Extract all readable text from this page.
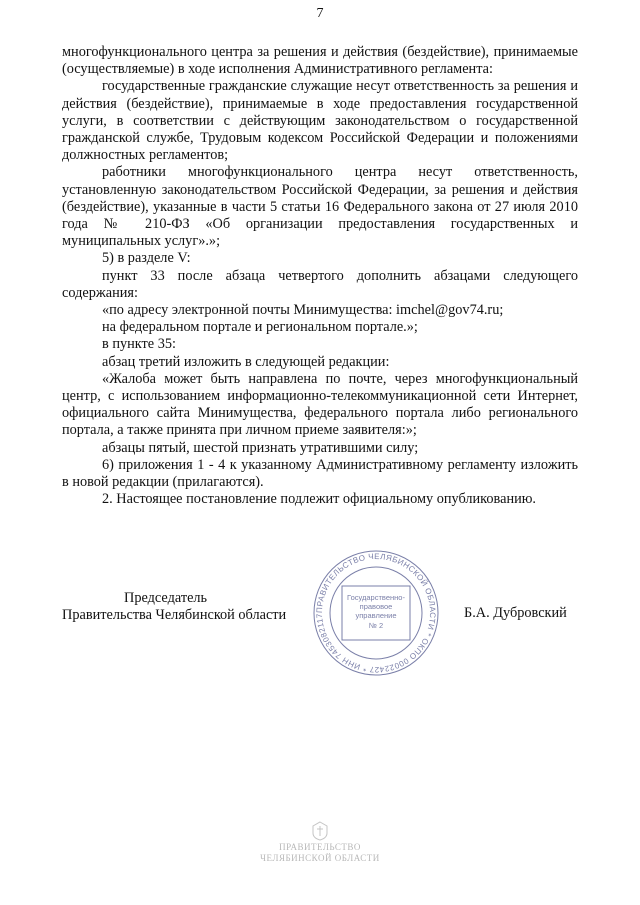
7

многофункционального центра за решения и действия (бездействие), принимаемые (осуществляемые) в ходе исполнения Административного регламента:

государственные гражданские служащие несут ответственность за решения и действия (бездействие), принимаемые в ходе предоставления государственной услуги, в соответствии с действующим законодательством о государственной гражданской службе, Трудовым кодексом Российской Федерации и положениями должностных регламентов;

работники многофункционального центра несут ответственность, установленную законодательством Российской Федерации, за решения и действия (бездействие), указанные в части 5 статьи 16 Федерального закона от 27 июля 2010 года № 210-ФЗ «Об организации предоставления государственных и муниципальных услуг».»;

5) в разделе V:

пункт 33 после абзаца четвертого дополнить абзацами следующего содержания:

«по адресу электронной почты Минимущества: imchel@gov74.ru;

на федеральном портале и региональном портале.»;

в пункте 35:

абзац третий изложить в следующей редакции:

«Жалоба может быть направлена по почте, через многофункциональный центр, с использованием информационно-телекоммуникационной сети Интернет, официального сайта Минимущества, федерального портала либо регионального портала, а также принята при личном приеме заявителя:»;

абзацы пятый, шестой признать утратившими силу;

6) приложения 1 - 4 к указанному Административному регламенту изложить в новой редакции (прилагаются).

2. Настоящее постановление подлежит официальному опубликованию.

Председатель
Правительства Челябинской области	ПРАВИТЕЛЬСТВО ЧЕЛЯБИНСКОЙ ОБЛАСТИ * ОКПО 00022427 * ИНН 7453082117
Государственно-
правовое
управление
№ 2
Б.А. Дубровский
ПРАВИТЕЛЬСТВО
ЧЕЛЯБИНСКОЙ ОБЛАСТИ
